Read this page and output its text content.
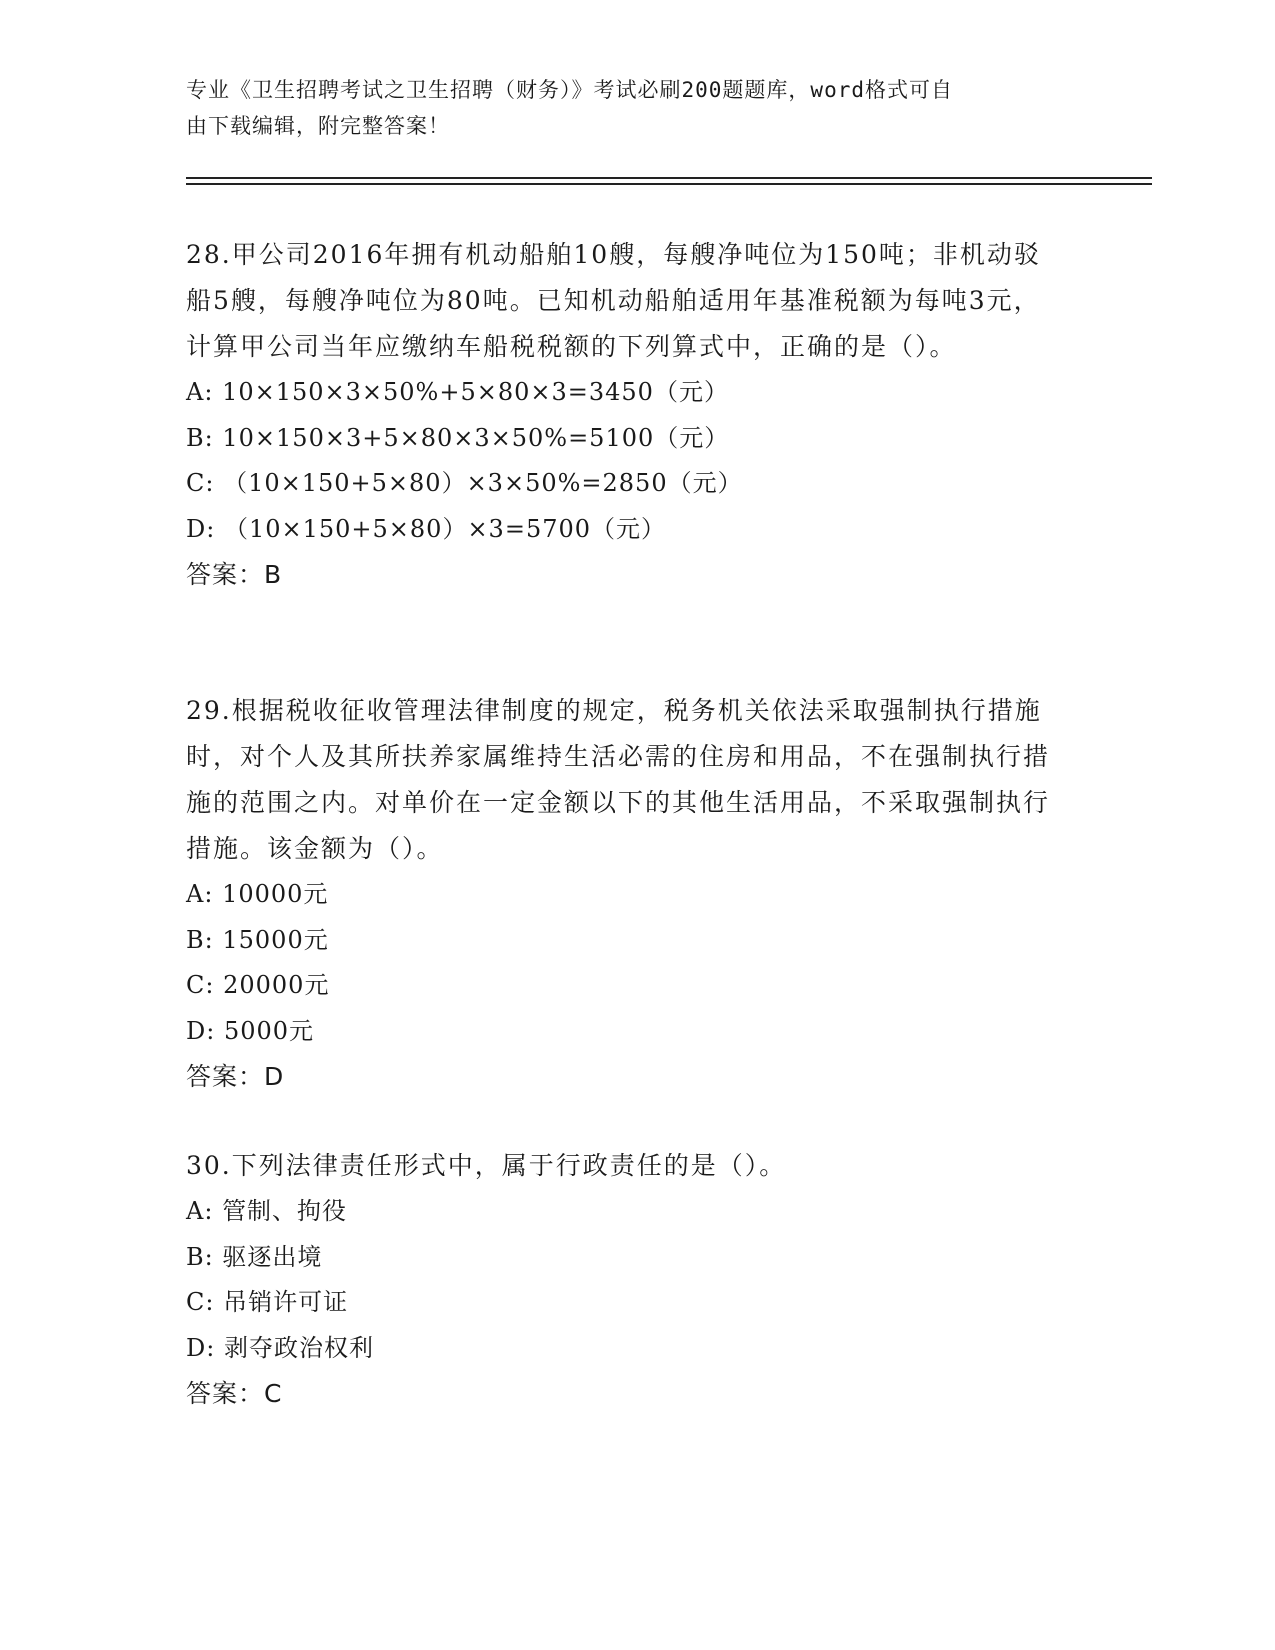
专业《卫生招聘考试之卫生招聘（财务）》考试必刷200题题库，word格式可自
由下载编辑，附完整答案！

28.甲公司2016年拥有机动船舶10艘，每艘净吨位为150吨；非机动驳船5艘，每艘净吨位为80吨。已知机动船舶适用年基准税额为每吨3元，计算甲公司当年应缴纳车船税税额的下列算式中，正确的是（）。

A: 10×150×3×50%+5×80×3=3450（元）

B: 10×150×3+5×80×3×50%=5100（元）

C: （10×150+5×80）×3×50%=2850（元）

D: （10×150+5×80）×3=5700（元）

答案：B

29.根据税收征收管理法律制度的规定，税务机关依法采取强制执行措施时，对个人及其所扶养家属维持生活必需的住房和用品，不在强制执行措施的范围之内。对单价在一定金额以下的其他生活用品，不采取强制执行措施。该金额为（）。

A: 10000元

B: 15000元

C: 20000元

D: 5000元

答案：D

30.下列法律责任形式中，属于行政责任的是（）。

A: 管制、拘役

B: 驱逐出境

C: 吊销许可证

D: 剥夺政治权利

答案：C
